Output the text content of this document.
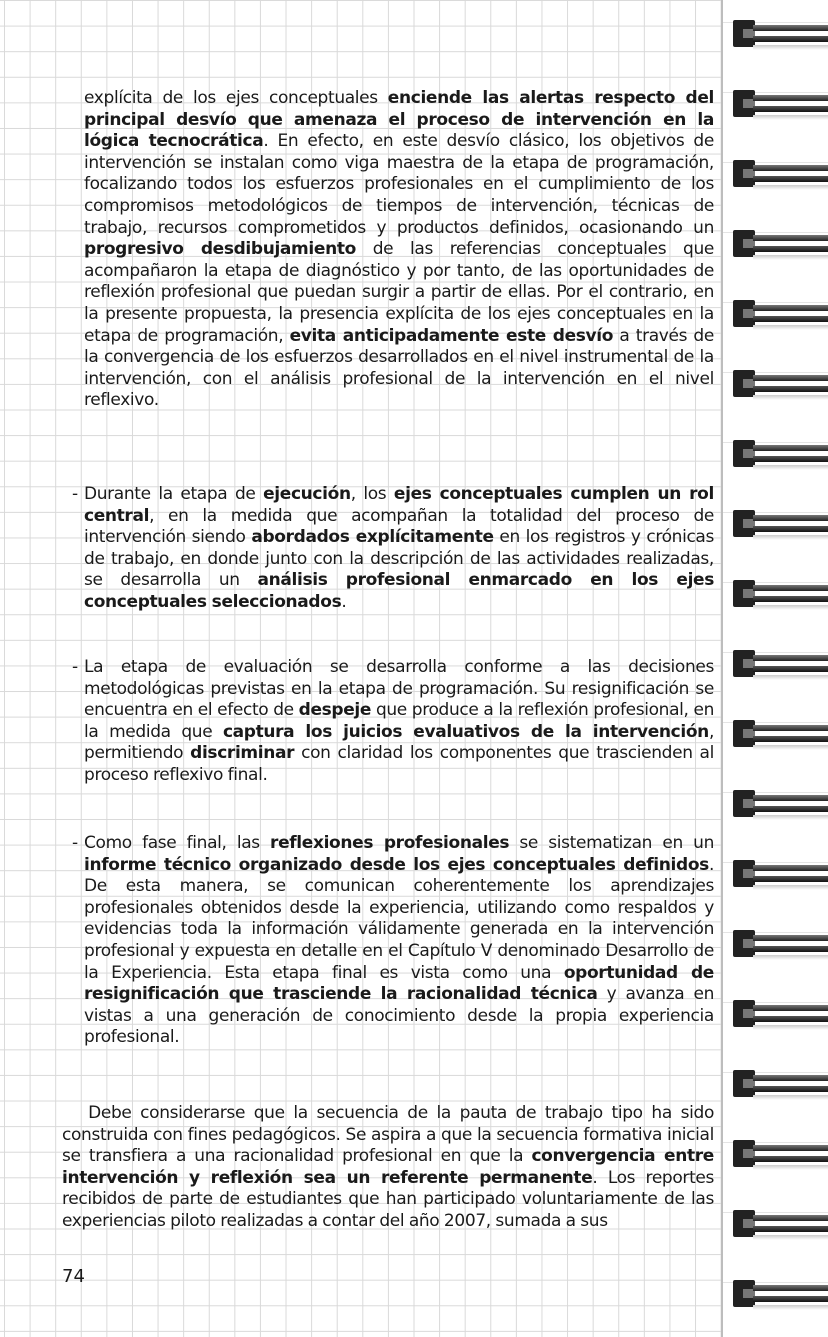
explícita de los ejes conceptuales enciende las alertas respecto del principal desvío que amenaza el proceso de intervención en la lógica tecnocrática. En efecto, en este desvío clásico, los objetivos de intervención se instalan como viga maestra de la etapa de programación, focalizando todos los esfuerzos profesionales en el cumplimiento de los compromisos metodológicos de tiempos de intervención, técnicas de trabajo, recursos comprometidos y productos definidos, ocasionando un progresivo desdibujamiento de las referencias conceptuales que acompañaron la etapa de diagnóstico y por tanto, de las oportunidades de reflexión profesional que puedan surgir a partir de ellas. Por el contrario, en la presente propuesta, la presencia explícita de los ejes conceptuales en la etapa de programación, evita anticipadamente este desvío a través de la convergencia de los esfuerzos desarrollados en el nivel instrumental de la intervención, con el análisis profesional de la intervención en el nivel reflexivo.
- Durante la etapa de ejecución, los ejes conceptuales cumplen un rol central, en la medida que acompañan la totalidad del proceso de intervención siendo abordados explícitamente en los registros y crónicas de trabajo, en donde junto con la descripción de las actividades realizadas, se desarrolla un análisis profesional enmarcado en los ejes conceptuales seleccionados.
- La etapa de evaluación se desarrolla conforme a las decisiones metodológicas previstas en la etapa de programación. Su resignificación se encuentra en el efecto de despeje que produce a la reflexión profesional, en la medida que captura los juicios evaluativos de la intervención, permitiendo discriminar con claridad los componentes que trascienden al proceso reflexivo final.
- Como fase final, las reflexiones profesionales se sistematizan en un informe técnico organizado desde los ejes conceptuales definidos. De esta manera, se comunican coherentemente los aprendizajes profesionales obtenidos desde la experiencia, utilizando como respaldos y evidencias toda la información válidamente generada en la intervención profesional y expuesta en detalle en el Capítulo V denominado Desarrollo de la Experiencia. Esta etapa final es vista como una oportunidad de resignificación que trasciende la racionalidad técnica y avanza en vistas a una generación de conocimiento desde la propia experiencia profesional.
Debe considerarse que la secuencia de la pauta de trabajo tipo ha sido construida con fines pedagógicos. Se aspira a que la secuencia formativa inicial se transfiera a una racionalidad profesional en que la convergencia entre intervención y reflexión sea un referente permanente. Los reportes recibidos de parte de estudiantes que han participado voluntariamente de las experiencias piloto realizadas a contar del año 2007, sumada a sus
74
